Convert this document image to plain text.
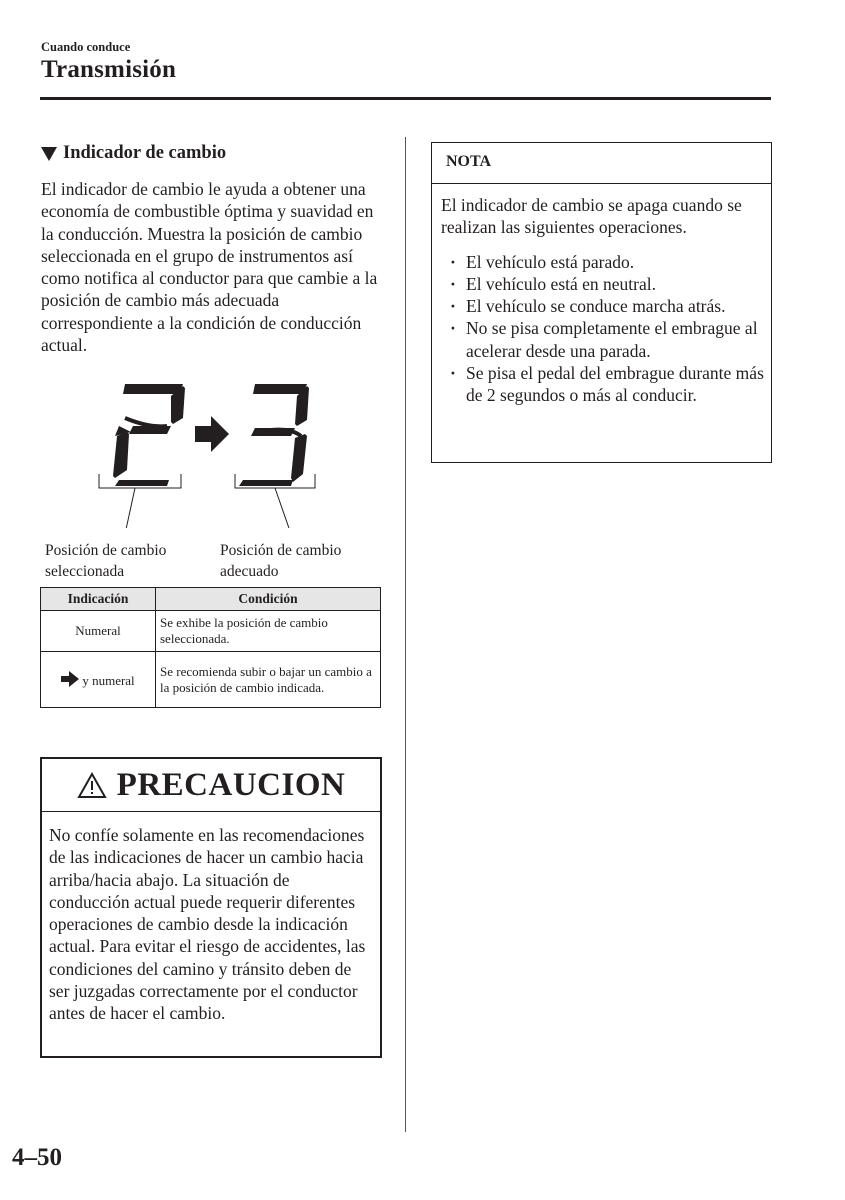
Cuando conduce
Transmisión
Indicador de cambio

El indicador de cambio le ayuda a obtener una economía de combustible óptima y suavidad en la conducción. Muestra la posición de cambio seleccionada en el grupo de instrumentos así como notifica al conductor para que cambie a la posición de cambio más adecuada correspondiente a la condición de conducción actual.

Posición de cambio seleccionada
Posición de cambio adecuado
Indicación	Condición
Numeral	Se exhibe la posición de cambio seleccionada.
y numeral	Se recomienda subir o bajar un cambio a la posición de cambio indicada.
PRECAUCION

No confíe solamente en las recomendaciones de las indicaciones de hacer un cambio hacia arriba/hacia abajo. La situación de conducción actual puede requerir diferentes operaciones de cambio desde la indicación actual. Para evitar el riesgo de accidentes, las condiciones del camino y tránsito deben de ser juzgadas correctamente por el conductor antes de hacer el cambio.

NOTA

El indicador de cambio se apaga cuando se realizan las siguientes operaciones.

· El vehículo está parado.
· El vehículo está en neutral.
· El vehículo se conduce marcha atrás.
· No se pisa completamente el embrague al acelerar desde una parada.
· Se pisa el pedal del embrague durante más de 2 segundos o más al conducir.
4–50
